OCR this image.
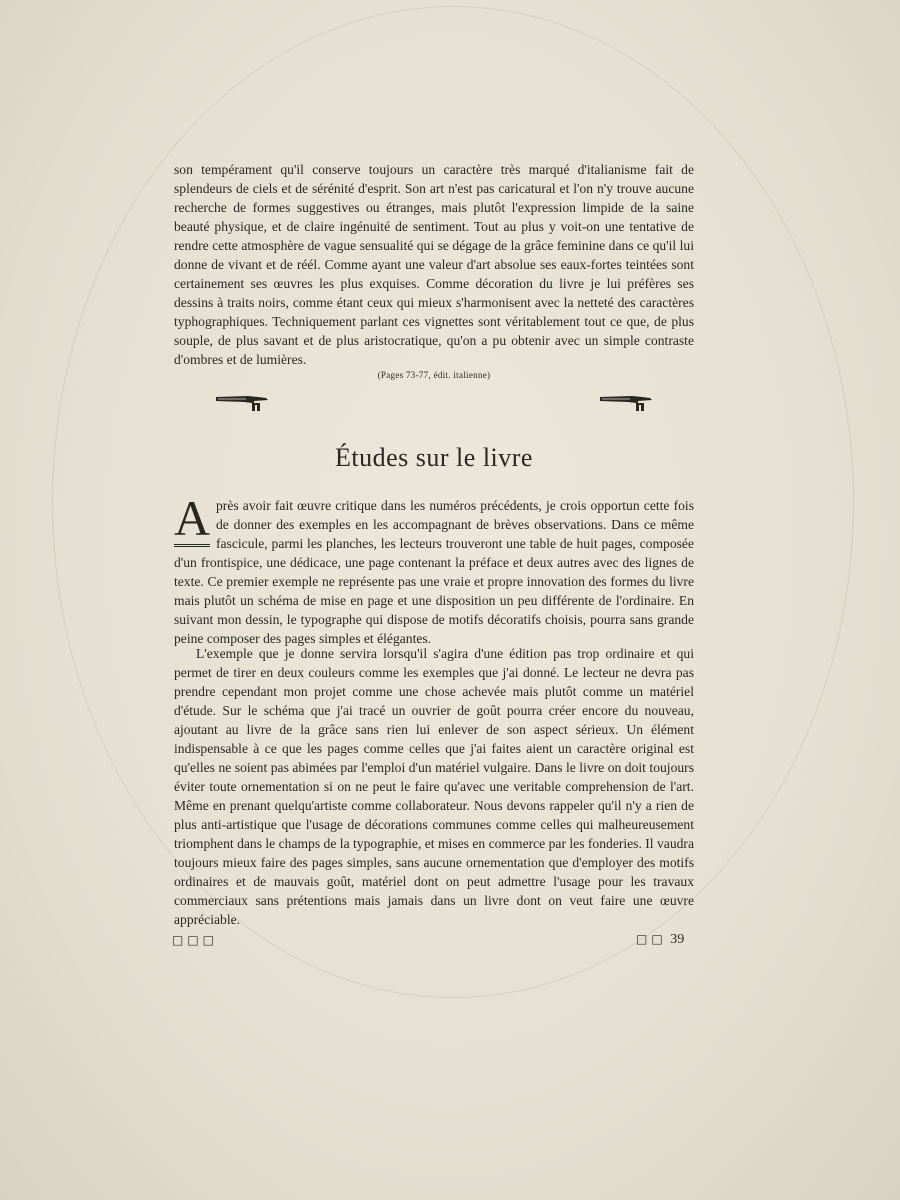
son tempérament qu'il conserve toujours un caractère très marqué d'italianisme fait de splendeurs de ciels et de sérénité d'esprit. Son art n'est pas caricatural et l'on n'y trouve aucune recherche de formes suggestives ou étranges, mais plutôt l'expression limpide de la saine beauté physique, et de claire ingénuité de sentiment. Tout au plus y voit-on une tentative de rendre cette atmosphère de vague sensualité qui se dégage de la grâce feminine dans ce qu'il lui donne de vivant et de réél. Comme ayant une valeur d'art absolue ses eaux-fortes teintées sont certainement ses œuvres les plus exquises. Comme décoration du livre je lui préfères ses dessins à traits noirs, comme étant ceux qui mieux s'harmonisent avec la netteté des caractères typhographiques. Techniquement parlant ces vignettes sont véritablement tout ce que, de plus souple, de plus savant et de plus aristocratique, qu'on a pu obtenir avec un simple contraste d'ombres et de lumières.
(Pages 73-77, édit. italienne)
Études sur le livre
A près avoir fait œuvre critique dans les numéros précédents, je crois opportun cette fois de donner des exemples en les accompagnant de brèves observations. Dans ce même fascicule, parmi les planches, les lecteurs trouveront une table de huit pages, composée d'un frontispice, une dédicace, une page contenant la préface et deux autres avec des lignes de texte. Ce premier exemple ne représente pas une vraie et propre innovation des formes du livre mais plutôt un schéma de mise en page et une disposition un peu différente de l'ordinaire. En suivant mon dessin, le typographe qui dispose de motifs décoratifs choisis, pourra sans grande peine composer des pages simples et élégantes.
L'exemple que je donne servira lorsqu'il s'agira d'une édition pas trop ordinaire et qui permet de tirer en deux couleurs comme les exemples que j'ai donné. Le lecteur ne devra pas prendre cependant mon projet comme une chose achevée mais plutôt comme un matériel d'étude. Sur le schéma que j'ai tracé un ouvrier de goût pourra créer encore du nouveau, ajoutant au livre de la grâce sans rien lui enlever de son aspect sérieux. Un élément indispensable à ce que les pages comme celles que j'ai faites aient un caractère original est qu'elles ne soient pas abimées par l'emploi d'un matériel vulgaire. Dans le livre on doit toujours éviter toute ornementation si on ne peut le faire qu'avec une veritable comprehension de l'art. Même en prenant quelqu'artiste comme collaborateur. Nous devons rappeler qu'il n'y a rien de plus anti-artistique que l'usage de décorations communes comme celles qui malheureusement triomphent dans le champs de la typographie, et mises en commerce par les fonderies. Il vaudra toujours mieux faire des pages simples, sans aucune ornementation que d'employer des motifs ordinaires et de mauvais goût, matériel dont on peut admettre l'usage pour les travaux commerciaux sans prétentions mais jamais dans un livre dont on veut faire une œuvre appréciable.
□□□	□□ 39
